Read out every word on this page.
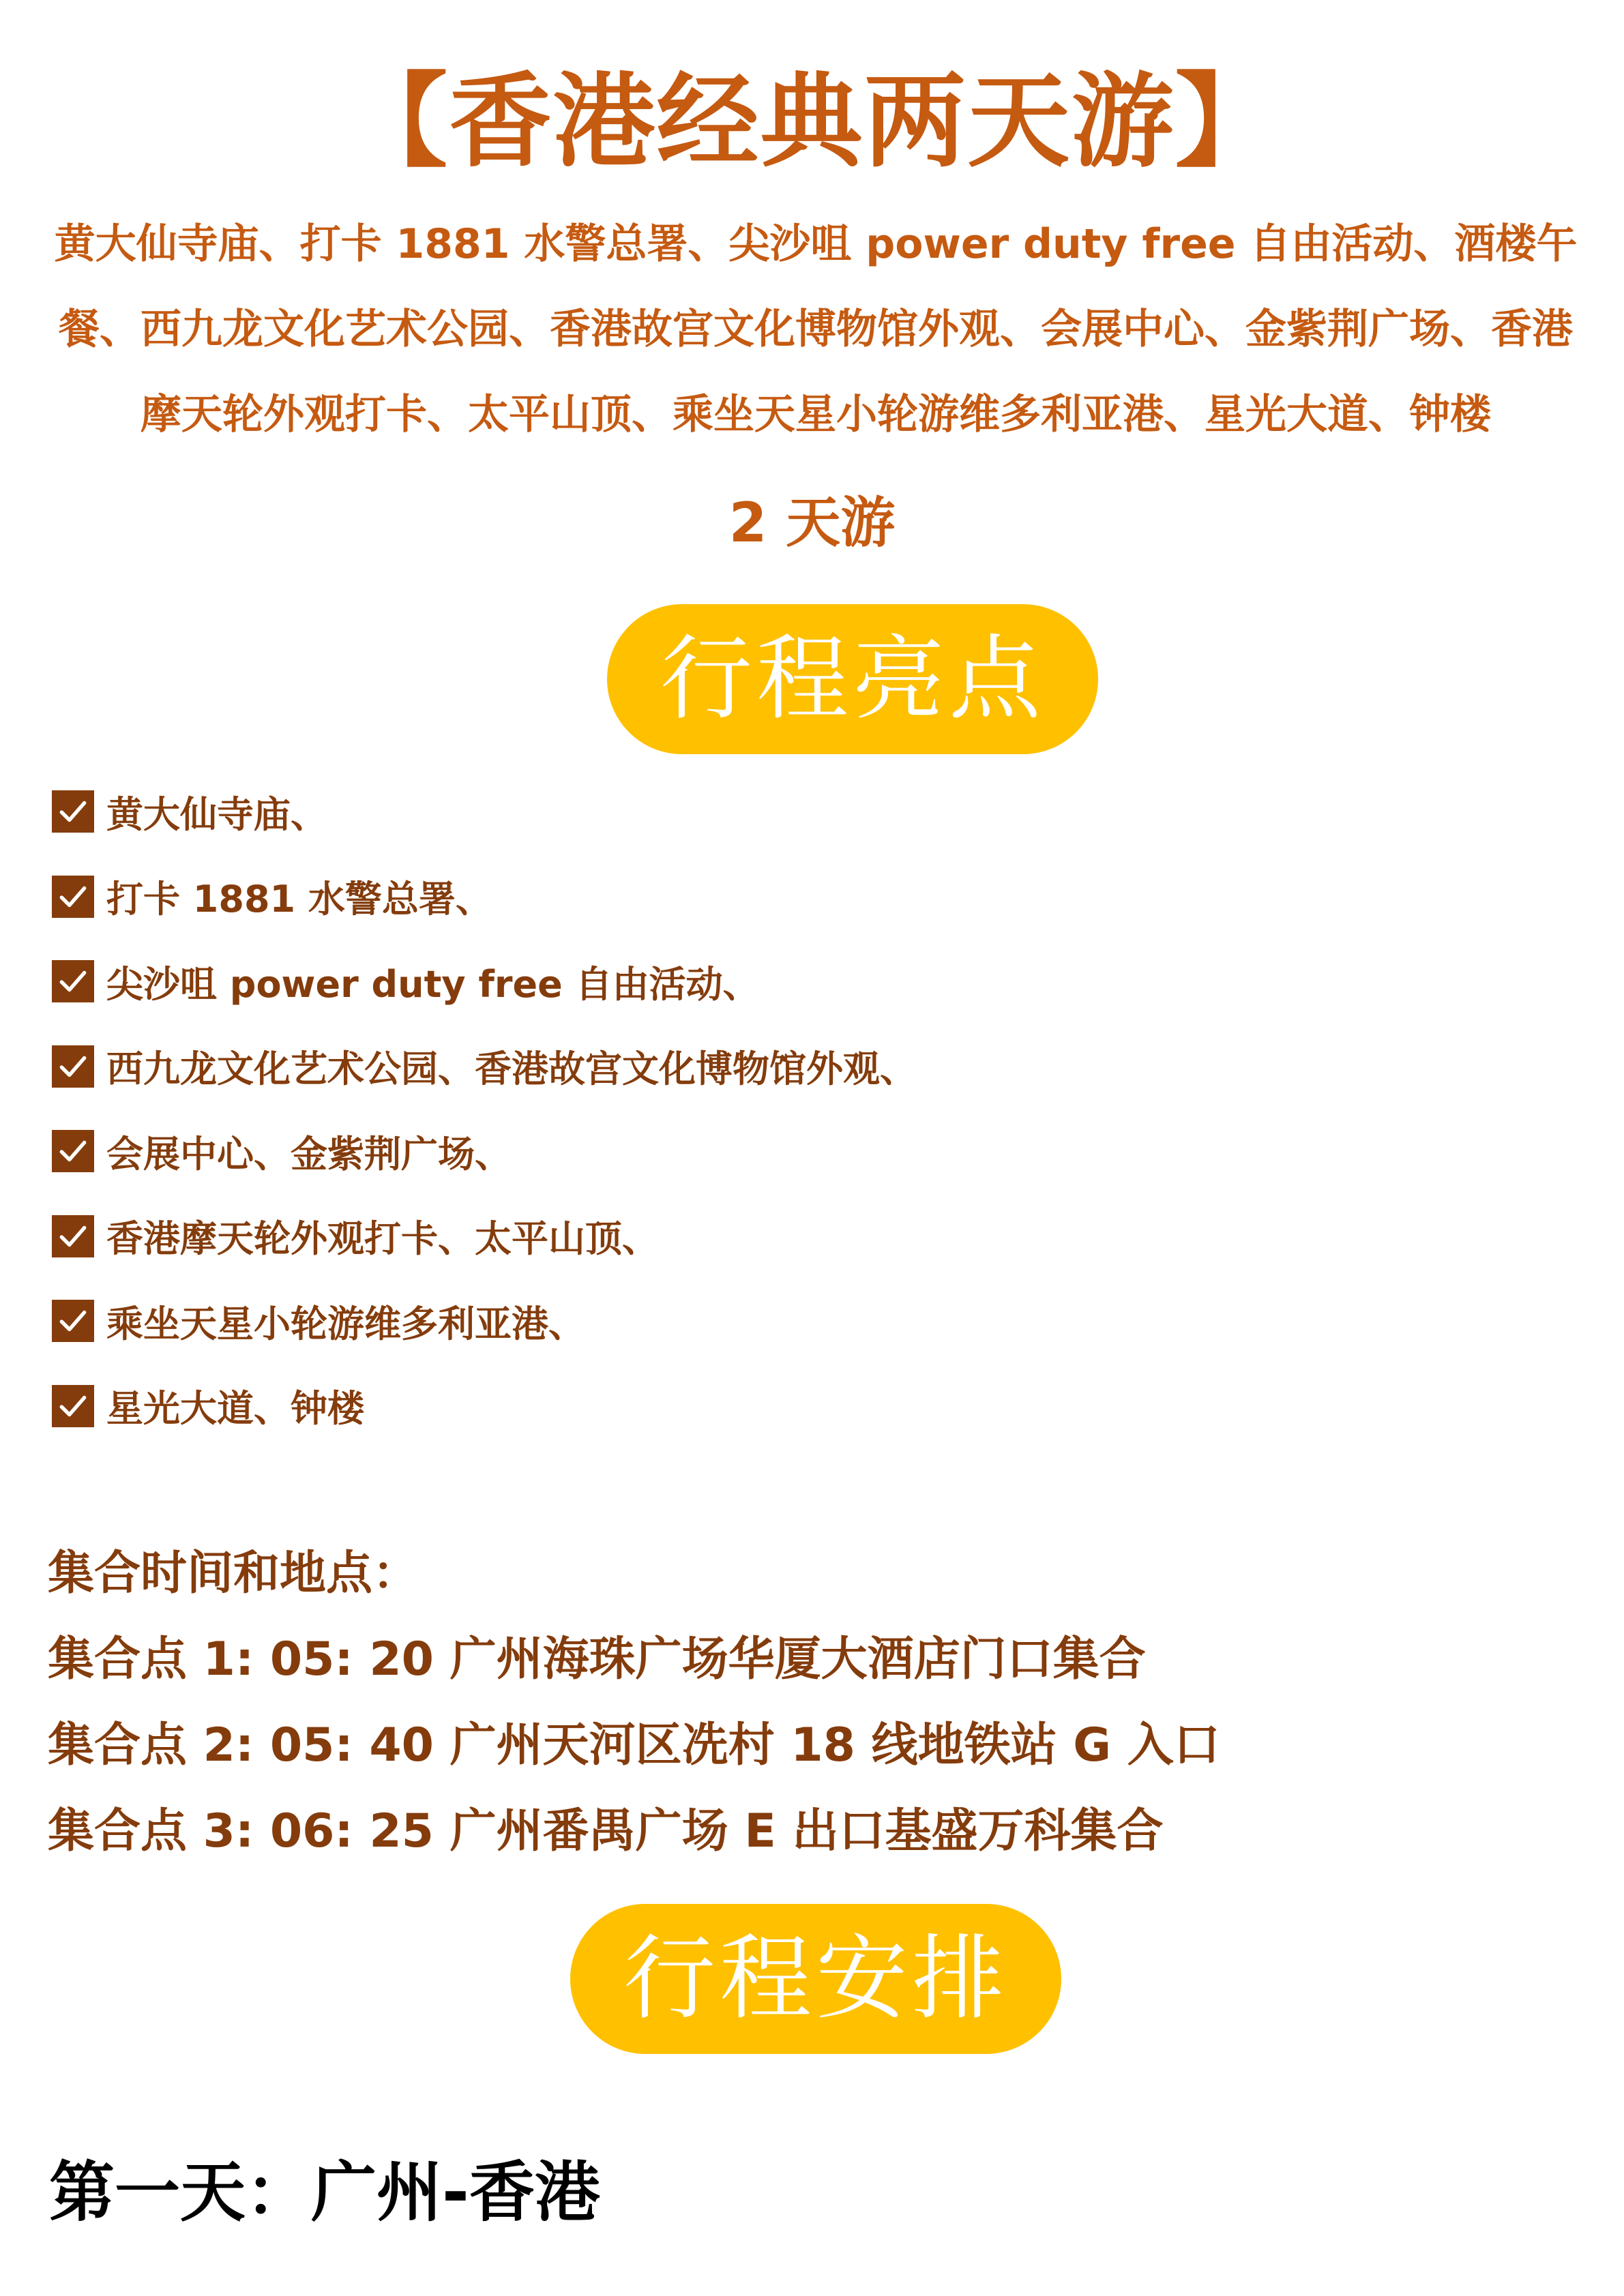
【香港经典两天游】
黄大仙寺庙、打卡 1881 水警总署、尖沙咀 power duty free 自由活动、酒楼午餐、西九龙文化艺术公园、香港故宫文化博物馆外观、会展中心、金紫荆广场、香港摩天轮外观打卡、太平山顶、乘坐天星小轮游维多利亚港、星光大道、钟楼
2 天游
行程亮点
黄大仙寺庙、
打卡 1881 水警总署、
尖沙咀 power duty free 自由活动、
西九龙文化艺术公园、香港故宫文化博物馆外观、
会展中心、金紫荆广场、
香港摩天轮外观打卡、太平山顶、
乘坐天星小轮游维多利亚港、
星光大道、钟楼
集合时间和地点：
集合点 1: 05: 20 广州海珠广场华厦大酒店门口集合
集合点 2: 05: 40 广州天河区冼村 18 线地铁站 G 入口
集合点 3: 06: 25 广州番禺广场 E 出口基盛万科集合
行程安排
第一天：广州-香港
